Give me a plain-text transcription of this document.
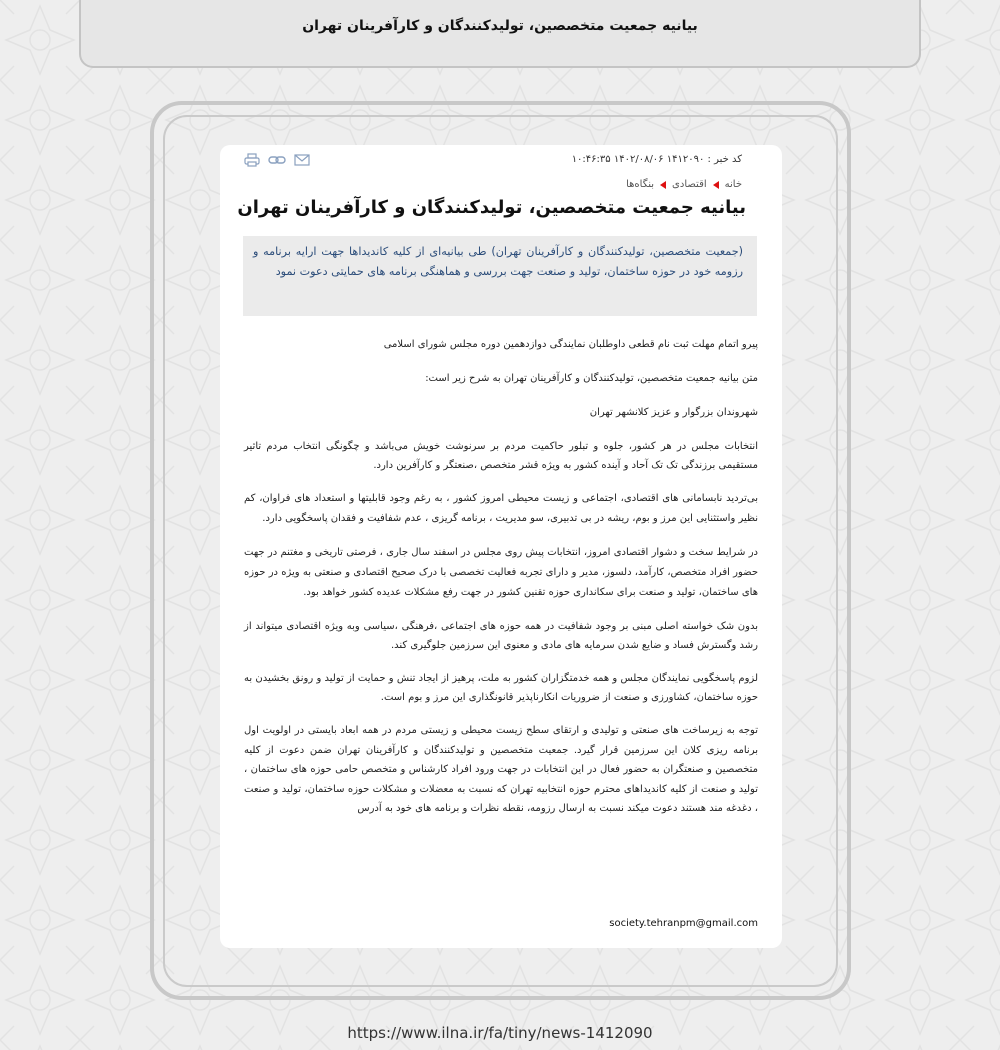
بیانیه جمعیت متخصصین، تولیدکنندگان و کارآفرینان تهران
کد خبر : ۱۴۱۲۰۹۰ ۱۴۰۲/۰۸/۰۶ ۱۰:۴۶:۳۵
خانه
اقتصادی
بنگاه‌ها
بیانیه جمعیت متخصصین، تولیدکنندگان و کارآفرینان تهران
(جمعیت متخصصین، تولیدکنندگان و کارآفرینان تهران) طی بیانیه‌ای از کلیه کاندیداها جهت ارایه برنامه و رزومه خود در حوزه ساختمان، تولید و صنعت جهت بررسی و هماهنگی برنامه های حمایتی دعوت نمود

پیرو اتمام مهلت ثبت نام قطعی داوطلبان نمایندگی دوازدهمین دوره مجلس شورای اسلامی

متن بیانیه جمعیت متخصصین، تولیدکنندگان و کارآفرینان تهران به شرح زیر است:

شهروندان بزرگوار و عزیز کلانشهر تهران

انتخابات مجلس در هر کشور، جلوه و تبلور حاکمیت مردم بر سرنوشت خویش می‌باشد و چگونگی انتخاب مردم تاثیر مستقیمی برزندگی تک تک آحاد و آینده کشور به ویژه قشر متخصص ،صنعتگر و کارآفرین دارد.

بی‌تردید نابسامانی های اقتصادی، اجتماعی و زیست محیطی امروز کشور ، به رغم وجود قابلیتها و استعداد های فراوان، کم نظیر واستثنایی این مرز و بوم، ریشه در بی تدبیری، سو مدیریت ، برنامه گریزی ، عدم شفافیت و فقدان پاسخگویی دارد.

در شرایط سخت و دشوار اقتصادی امروز، انتخابات پیش روی مجلس در اسفند سال جاری ، فرصتی تاریخی و مغتنم در جهت حضور افراد متخصص، کارآمد، دلسوز، مدیر و دارای تجربه فعالیت تخصصی با درک صحیح اقتصادی و صنعتی به ویژه در حوزه های ساختمان، تولید و صنعت برای سکانداری حوزه تقنین کشور در جهت رفع مشکلات عدیده کشور خواهد بود.

بدون شک خواسته اصلی مبنی بر وجود شفافیت در همه حوزه های اجتماعی ،فرهنگی ،سیاسی وبه ویژه اقتصادی میتواند از رشد وگسترش فساد و ضایع شدن سرمایه های مادی و معنوی این سرزمین جلوگیری کند.

لزوم پاسخگویی نمایندگان مجلس و همه خدمتگزاران کشور به ملت، پرهیز از ایجاد تنش و حمایت از تولید و رونق بخشیدن به حوزه ساختمان، کشاورزی و صنعت از ضروریات انکارناپذیر قانونگذاری این مرز و بوم است.

توجه به زیرساخت های صنعتی و تولیدی و ارتقای سطح زیست محیطی و زیستی مردم در همه ابعاد بایستی در اولویت اول برنامه ریزی کلان این سرزمین قرار گیرد. جمعیت متخصصین و تولیدکنندگان و کارآفرینان تهران ضمن دعوت از کلیه متخصصین و صنعتگران به حضور فعال در این انتخابات در جهت ورود افراد کارشناس و متخصص حامی حوزه های ساختمان ، تولید و صنعت از کلیه کاندیداهای محترم حوزه انتخابیه تهران که نسبت به معضلات و مشکلات حوزه ساختمان، تولید و صنعت ، دغدغه مند هستند دعوت میکند نسبت به ارسال رزومه، نقطه نظرات و برنامه های خود به آدرس

society.tehranpm@gmail.com
https://www.ilna.ir/fa/tiny/news-1412090
